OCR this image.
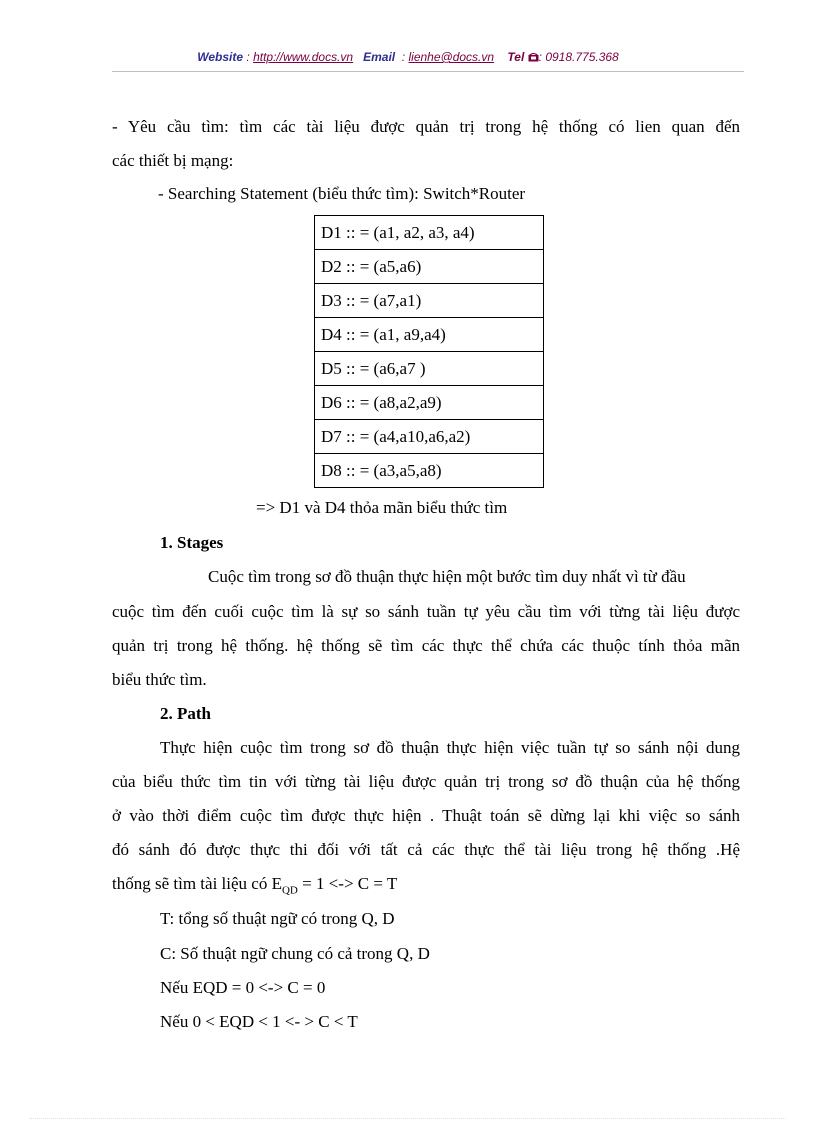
Website : http://www.docs.vn Email  : lienhe@docs.vn Tel : 0918.775.368
- Yêu cầu tìm: tìm các tài liệu được quản trị trong hệ thống có lien quan đến
các thiết bị mạng:
- Searching Statement (biểu thức tìm): Switch*Router
D1 :: = (a1, a2, a3, a4)
D2 :: = (a5,a6)
D3 :: = (a7,a1)
D4 :: = (a1, a9,a4)
D5 :: = (a6,a7 )
D6 :: = (a8,a2,a9)
D7 :: = (a4,a10,a6,a2)
D8 :: = (a3,a5,a8)
=> D1 và D4 thỏa mãn biểu thức tìm
1. Stages
Cuộc tìm trong sơ đồ thuận thực hiện một bước tìm duy nhất vì từ đầu
cuộc tìm đến cuối cuộc tìm là sự so sánh tuần tự yêu cầu tìm với từng tài liệu được
quản trị trong hệ thống. hệ thống sẽ tìm các thực thể chứa các thuộc tính thỏa mãn
biểu thức tìm.
2. Path
Thực hiện cuộc tìm trong sơ đồ thuận thực hiện việc tuần tự so sánh nội dung
của biểu thức tìm tin với từng tài liệu được quản trị trong sơ đồ thuận của hệ thống
ở vào thời điểm cuộc tìm được thực hiện . Thuật toán sẽ dừng lại khi việc so sánh
đó sánh đó được thực thi đối với tất cả các thực thể tài liệu trong hệ thống .Hệ
thống sẽ tìm tài liệu có $E_{QD} = 1$ <-> C = T
T: tổng số thuật ngữ có trong Q, D
C: Số thuật ngữ chung có cả trong Q, D
Nếu EQD = 0 <-> C = 0
Nếu 0 < EQD < 1 <- > C < T
